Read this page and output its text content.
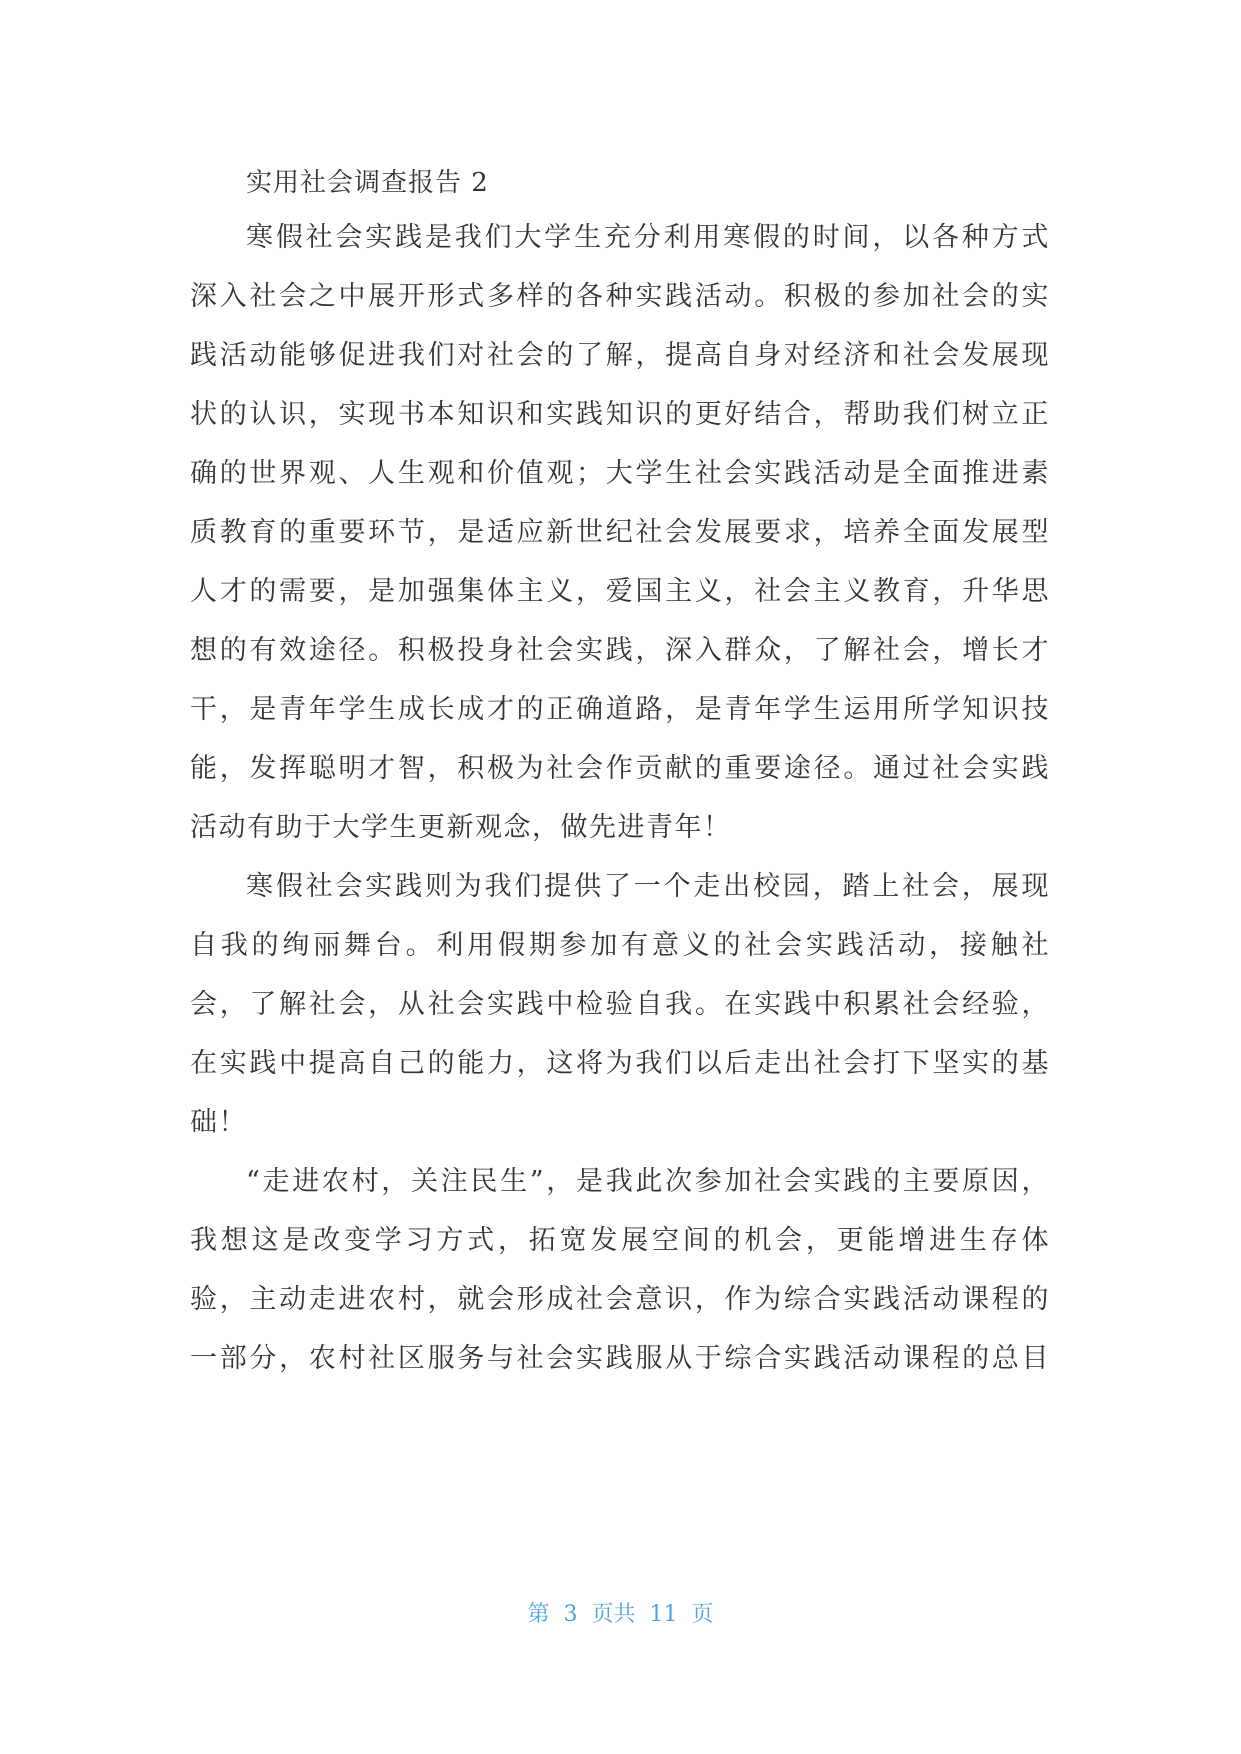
实用社会调查报告 2
寒假社会实践是我们大学生充分利用寒假的时间，以各种方式
深入社会之中展开形式多样的各种实践活动。积极的参加社会的实
践活动能够促进我们对社会的了解，提高自身对经济和社会发展现
状的认识，实现书本知识和实践知识的更好结合，帮助我们树立正
确的世界观、人生观和价值观；大学生社会实践活动是全面推进素
质教育的重要环节，是适应新世纪社会发展要求，培养全面发展型
人才的需要，是加强集体主义，爱国主义，社会主义教育，升华思
想的有效途径。积极投身社会实践，深入群众，了解社会，增长才
干，是青年学生成长成才的正确道路，是青年学生运用所学知识技
能，发挥聪明才智，积极为社会作贡献的重要途径。通过社会实践
活动有助于大学生更新观念，做先进青年！
寒假社会实践则为我们提供了一个走出校园，踏上社会，展现
自我的绚丽舞台。利用假期参加有意义的社会实践活动，接触社
会，了解社会，从社会实践中检验自我。在实践中积累社会经验，
在实践中提高自己的能力，这将为我们以后走出社会打下坚实的基
础！
“走进农村，关注民生”，是我此次参加社会实践的主要原因，
我想这是改变学习方式，拓宽发展空间的机会，更能增进生存体
验，主动走进农村，就会形成社会意识，作为综合实践活动课程的
一部分，农村社区服务与社会实践服从于综合实践活动课程的总目
第  3  页共  11  页
